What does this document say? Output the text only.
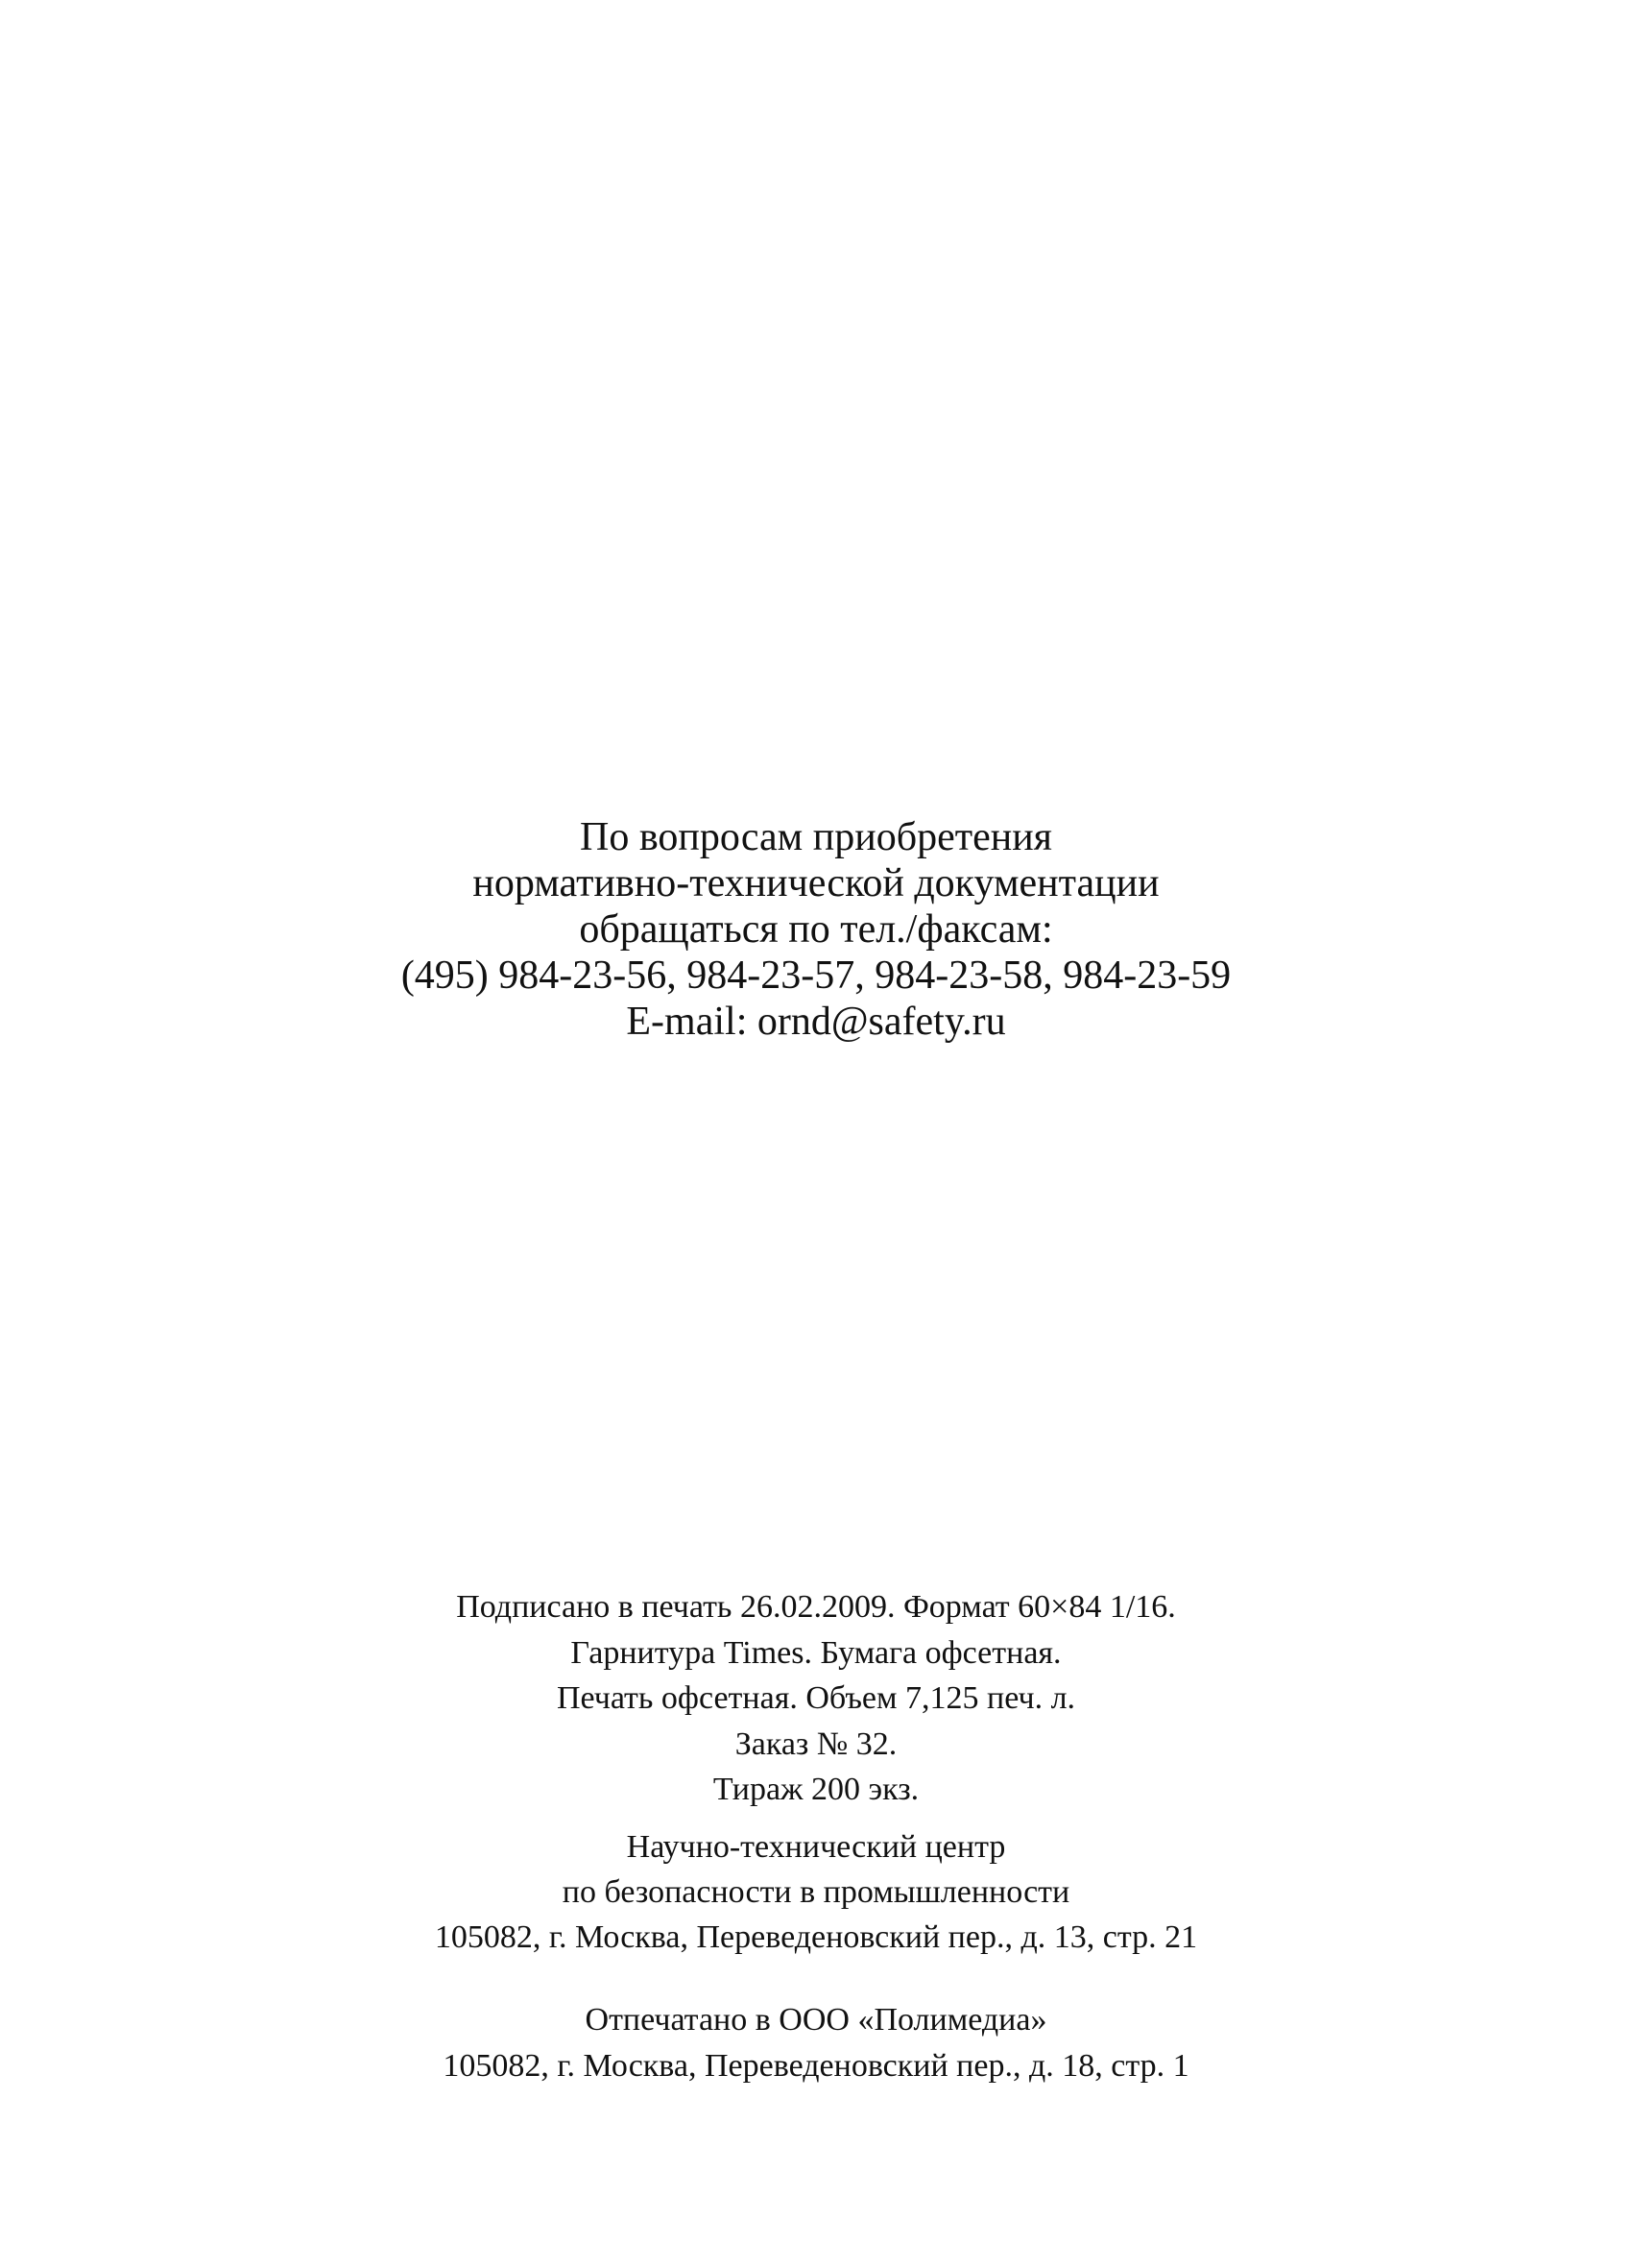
По вопросам приобретения
нормативно-технической документации
обращаться по тел./факсам:
(495) 984-23-56, 984-23-57, 984-23-58, 984-23-59
E-mail: ornd@safety.ru
Подписано в печать 26.02.2009. Формат 60×84 1/16.
Гарнитура Times. Бумага офсетная.
Печать офсетная. Объем 7,125 печ. л.
Заказ № 32.
Тираж 200 экз.
Научно-технический центр
по безопасности в промышленности
105082, г. Москва, Переведеновский пер., д. 13, стр. 21
Отпечатано в ООО «Полимедиа»
105082, г. Москва, Переведеновский пер., д. 18, стр. 1
